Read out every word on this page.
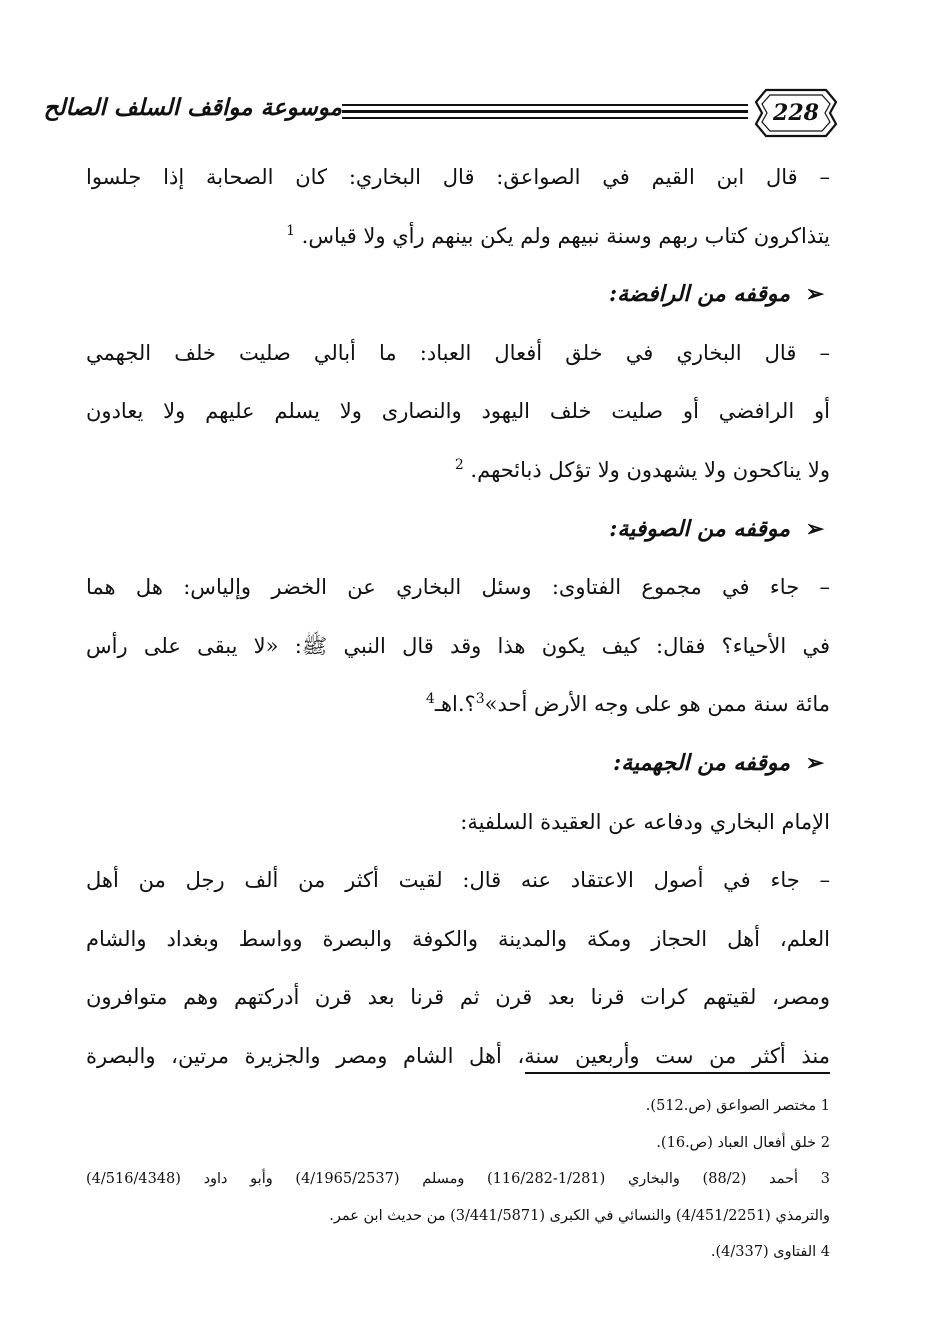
228
موسوعة مواقف السلف الصالح
– قال ابن القيم في الصواعق: قال البخاري: كان الصحابة إذا جلسوا
يتذاكرون كتاب ربهم وسنة نبيهم ولم يكن بينهم رأي ولا قياس. $^1$
➢موقفه من الرافضة:
– قال البخاري في خلق أفعال العباد: ما أبالي صليت خلف الجهمي
أو الرافضي أو صليت خلف اليهود والنصارى ولا يسلم عليهم ولا يعادون
ولا يناكحون ولا يشهدون ولا تؤكل ذبائحهم. $^2$
➢موقفه من الصوفية:
– جاء في مجموع الفتاوى: وسئل البخاري عن الخضر وإلياس: هل هما
في الأحياء؟ فقال: كيف يكون هذا وقد قال النبي ﷺ: «لا يبقى على رأس
مائة سنة ممن هو على وجه الأرض أحد»$^3$؟.اهـ$^4$
➢موقفه من الجهمية:
الإمام البخاري ودفاعه عن العقيدة السلفية:
– جاء في أصول الاعتقاد عنه قال: لقيت أكثر من ألف رجل من أهل
العلم، أهل الحجاز ومكة والمدينة والكوفة والبصرة وواسط وبغداد والشام
ومصر، لقيتهم كرات قرنا بعد قرن ثم قرنا بعد قرن أدركتهم وهم متوافرون
منذ أكثر من ست وأربعين سنة، أهل الشام ومصر والجزيرة مرتين، والبصرة
1 مختصر الصواعق (ص.512).
2 خلق أفعال العباد (ص.16).
3 أحمد (88/2) والبخاري (1/281-116/282) ومسلم (4/1965/2537) وأبو داود (4/516/4348)
والترمذي (4/451/2251) والنسائي في الكبرى (3/441/5871) من حديث ابن عمر.
4 الفتاوى (4/337).
